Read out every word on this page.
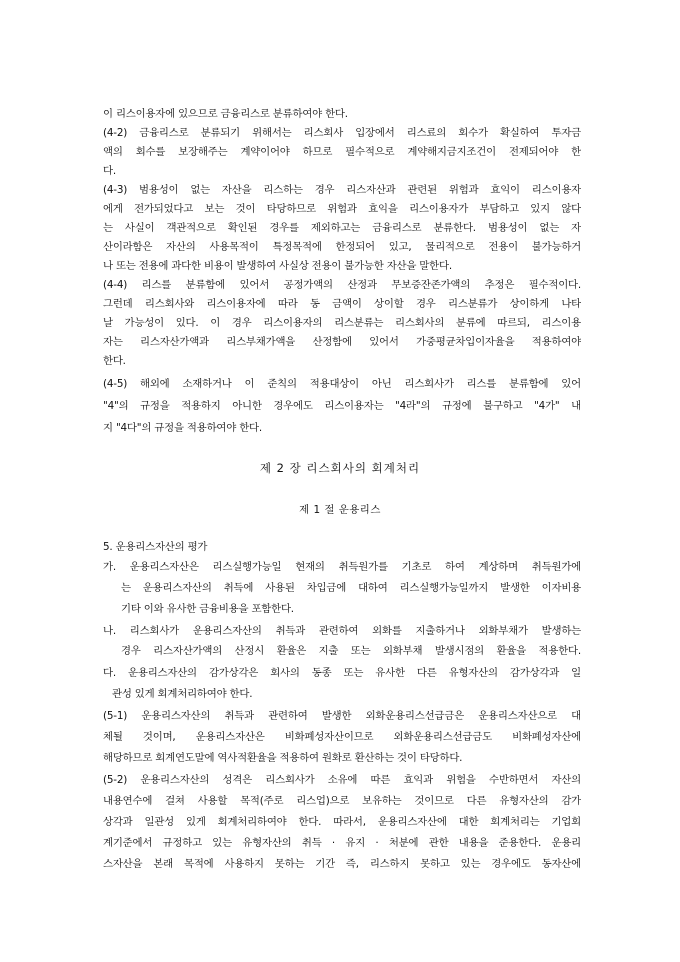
이 리스이용자에 있으므로 금융리스로 분류하여야 한다.
(4-2) 금융리스로 분류되기 위해서는 리스회사 입장에서 리스료의 회수가 확실하여 투자금
액의 회수를 보장해주는 계약이어야 하므로 필수적으로 계약해지금지조건이 전제되어야 한
다.
(4-3) 범용성이 없는 자산을 리스하는 경우 리스자산과 관련된 위험과 효익이 리스이용자
에게 전가되었다고 보는 것이 타당하므로 위험과 효익을 리스이용자가 부담하고 있지 않다
는 사실이 객관적으로 확인된 경우를 제외하고는 금융리스로 분류한다. 범용성이 없는 자
산이라함은 자산의 사용목적이 특정목적에 한정되어 있고, 물리적으로 전용이 불가능하거
나 또는 전용에 과다한 비용이 발생하여 사실상 전용이 불가능한 자산을 말한다.
(4-4) 리스를 분류함에 있어서 공정가액의 산정과 무보증잔존가액의 추정은 필수적이다.
그런데 리스회사와 리스이용자에 따라 동 금액이 상이할 경우 리스분류가 상이하게 나타
날 가능성이 있다. 이 경우 리스이용자의 리스분류는 리스회사의 분류에 따르되, 리스이용
자는 리스자산가액과 리스부채가액을 산정함에 있어서 가중평균차입이자율을 적용하여야
한다.
(4-5) 해외에 소재하거나 이 준칙의 적용대상이 아닌 리스회사가 리스를 분류함에 있어
"4"의 규정을 적용하지 아니한 경우에도 리스이용자는 "4라"의 규정에 불구하고 "4가" 내
지 "4다"의 규정을 적용하여야 한다.
제 2 장 리스회사의 회계처리
제 1 절 운용리스
5. 운용리스자산의 평가
가. 운용리스자산은 리스실행가능일 현재의 취득원가를 기초로 하여 계상하며 취득원가에
는 운용리스자산의 취득에 사용된 차입금에 대하여 리스실행가능일까지 발생한 이자비용
기타 이와 유사한 금융비용을 포함한다.
나. 리스회사가 운용리스자산의 취득과 관련하여 외화를 지출하거나 외화부채가 발생하는
경우 리스자산가액의 산정시 환율은 지출 또는 외화부채 발생시점의 환율을 적용한다.
다. 운용리스자산의 감가상각은 회사의 동종 또는 유사한 다른 유형자산의 감가상각과 일
관성 있게 회계처리하여야 한다.
(5-1) 운용리스자산의 취득과 관련하여 발생한 외화운용리스선급금은 운용리스자산으로 대
체될 것이며, 운용리스자산은 비화폐성자산이므로 외화운용리스선급금도 비화폐성자산에
해당하므로 회계연도말에 역사적환율을 적용하여 원화로 환산하는 것이 타당하다.
(5-2) 운용리스자산의 성격은 리스회사가 소유에 따른 효익과 위험을 수반하면서 자산의
내용연수에 걸쳐 사용할 목적(주로 리스업)으로 보유하는 것이므로 다른 유형자산의 감가
상각과 일관성 있게 회계처리하여야 한다. 따라서, 운용리스자산에 대한 회계처리는 기업회
계기준에서 규정하고 있는 유형자산의 취득 · 유지 · 처분에 관한 내용을 준용한다. 운용리
스자산을 본래 목적에 사용하지 못하는 기간 즉, 리스하지 못하고 있는 경우에도 동자산에
